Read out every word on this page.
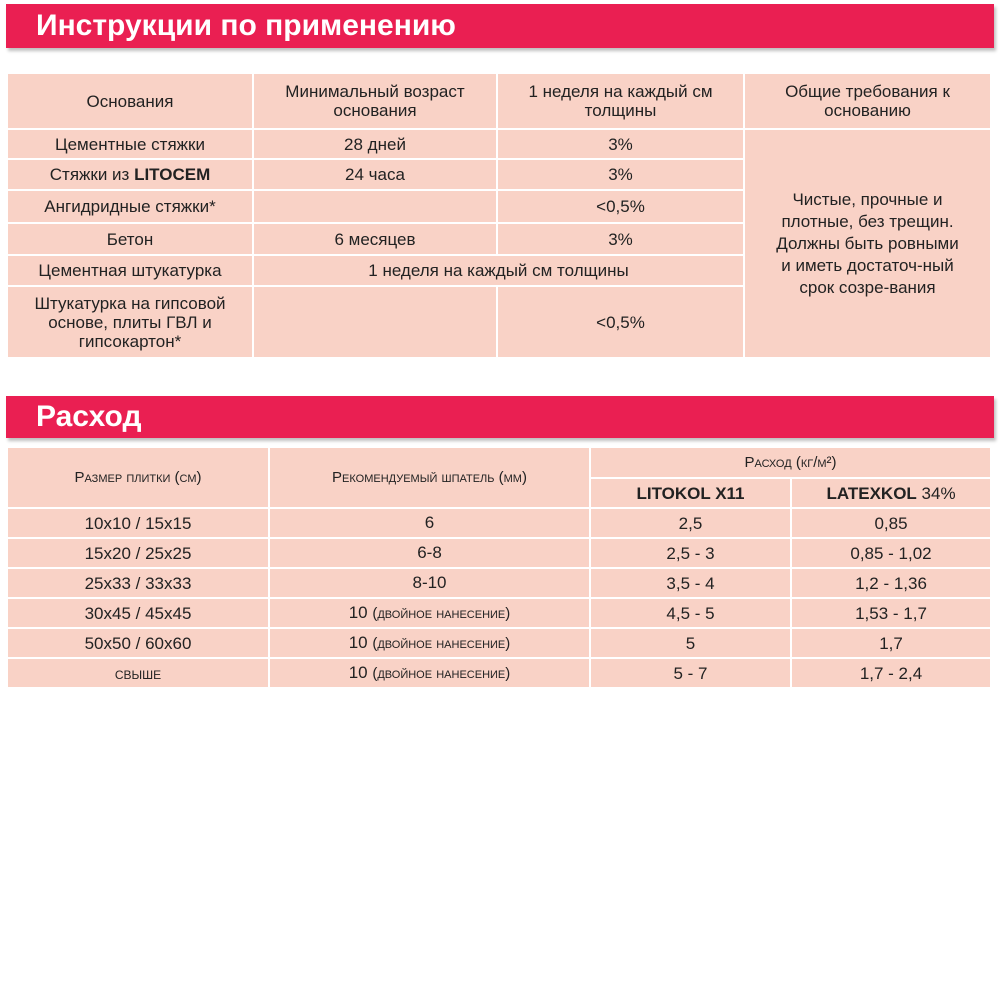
Инструкции по применению
Основания	Минимальный возраст основания	1 неделя на каждый см толщины	Общие требования к основанию
Цементные стяжки	28 дней	3%	Чистые, прочные и плотные, без трещин. Должны быть ровными и иметь достаточ-ный срок созре-вания
Стяжки из LITOCEM	24 часа	3%	
Ангидридные стяжки*		<0,5%	
Бетон	6 месяцев	3%	
Цементная штукатурка	1 неделя на каждый см толщины		
Штукатурка на гипсовой основе, плиты ГВЛ и гипсокартон*		<0,5%	
Расход
Размер плитки (см)	Рекомендуемый шпатель (мм)	Расход (кг/м²)	
		LITOKOL X11	LATEXKOL 34%
10х10 / 15х15	6	2,5	0,85
15х20 / 25х25	6-8	2,5 - 3	0,85 - 1,02
25х33 / 33х33	8-10	3,5 - 4	1,2 - 1,36
30х45 / 45х45	10 (двойное нанесение)	4,5 - 5	1,53 - 1,7
50х50 / 60х60	10 (двойное нанесение)	5	1,7
свыше	10 (двойное нанесение)	5 - 7	1,7 - 2,4
